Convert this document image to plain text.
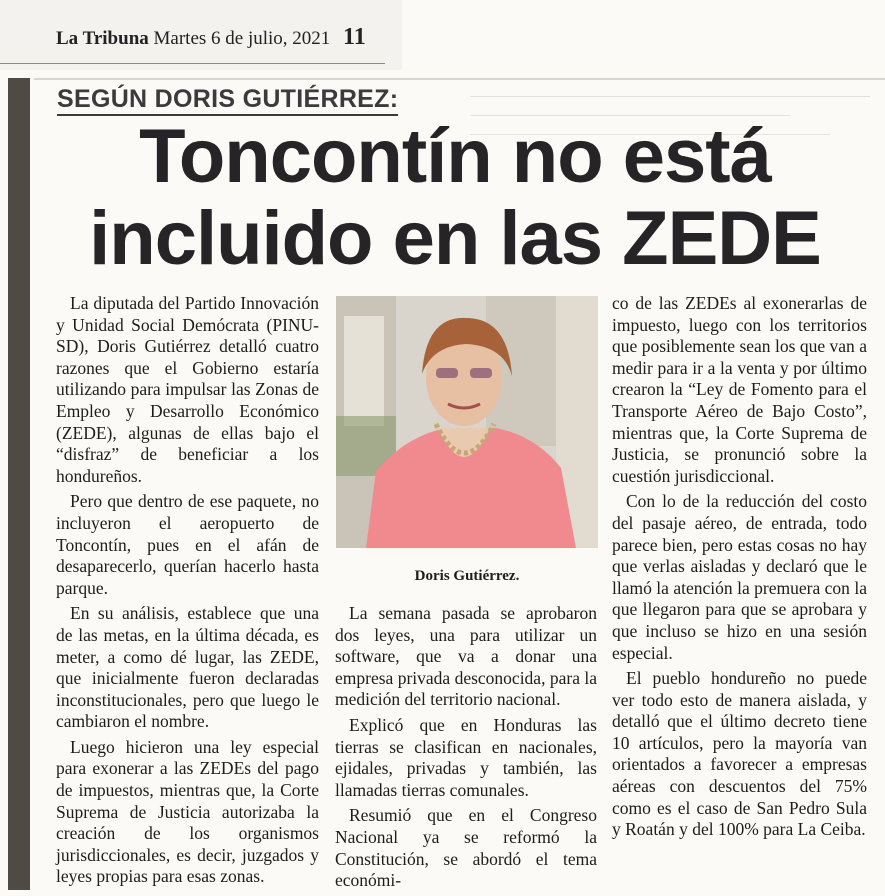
La Tribuna Martes 6 de julio, 2021 11
SEGÚN DORIS GUTIÉRREZ:
Toncontín no está
incluido en las ZEDE

La diputada del Partido Innovación y Unidad Social Demócrata (PINU-SD), Doris Gutiérrez detalló cuatro razones que el Gobierno estaría utilizando para impulsar las Zonas de Empleo y Desarrollo Económico (ZEDE), algunas de ellas bajo el “disfraz” de beneficiar a los hondureños.

Pero que dentro de ese paquete, no incluyeron el aeropuerto de Toncontín, pues en el afán de desaparecerlo, querían hacerlo hasta parque.

En su análisis, establece que una de las metas, en la última década, es meter, a como dé lugar, las ZEDE, que inicialmente fueron declaradas inconstitucionales, pero que luego le cambiaron el nombre.

Luego hicieron una ley especial para exonerar a las ZEDEs del pago de impuestos, mientras que, la Corte Suprema de Justicia autorizaba la creación de los organismos jurisdiccionales, es decir, juzgados y leyes propias para esas zonas.

Doris Gutiérrez.

La semana pasada se aprobaron dos leyes, una para utilizar un software, que va a donar una empresa privada desconocida, para la medición del territorio nacional.

Explicó que en Honduras las tierras se clasifican en nacionales, ejidales, privadas y también, las llamadas tierras comunales.

Resumió que en el Congreso Nacional ya se reformó la Constitución, se abordó el tema económi-

co de las ZEDEs al exonerarlas de impuesto, luego con los territorios que posiblemente sean los que van a medir para ir a la venta y por último crearon la “Ley de Fomento para el Transporte Aéreo de Bajo Costo”, mientras que, la Corte Suprema de Justicia, se pronunció sobre la cuestión jurisdiccional.

Con lo de la reducción del costo del pasaje aéreo, de entrada, todo parece bien, pero estas cosas no hay que verlas aisladas y declaró que le llamó la atención la premuera con la que llegaron para que se aprobara y que incluso se hizo en una sesión especial.

El pueblo hondureño no puede ver todo esto de manera aislada, y detalló que el último decreto tiene 10 artículos, pero la mayoría van orientados a favorecer a empresas aéreas con descuentos del 75% como es el caso de San Pedro Sula y Roatán y del 100% para La Ceiba.
